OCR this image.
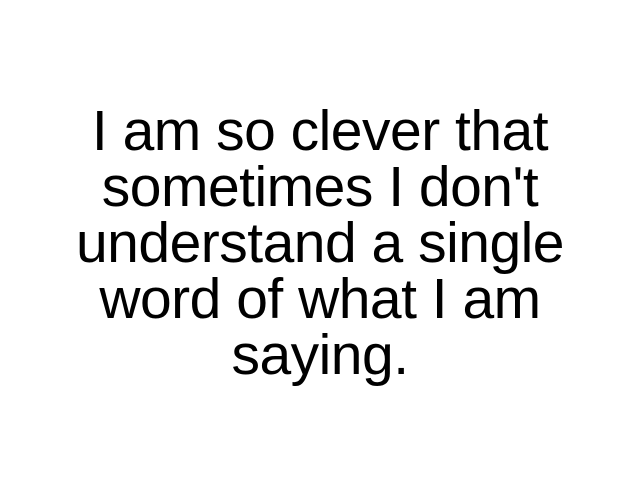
I am so clever that
sometimes I don't
understand a single
word of what I am
saying.
